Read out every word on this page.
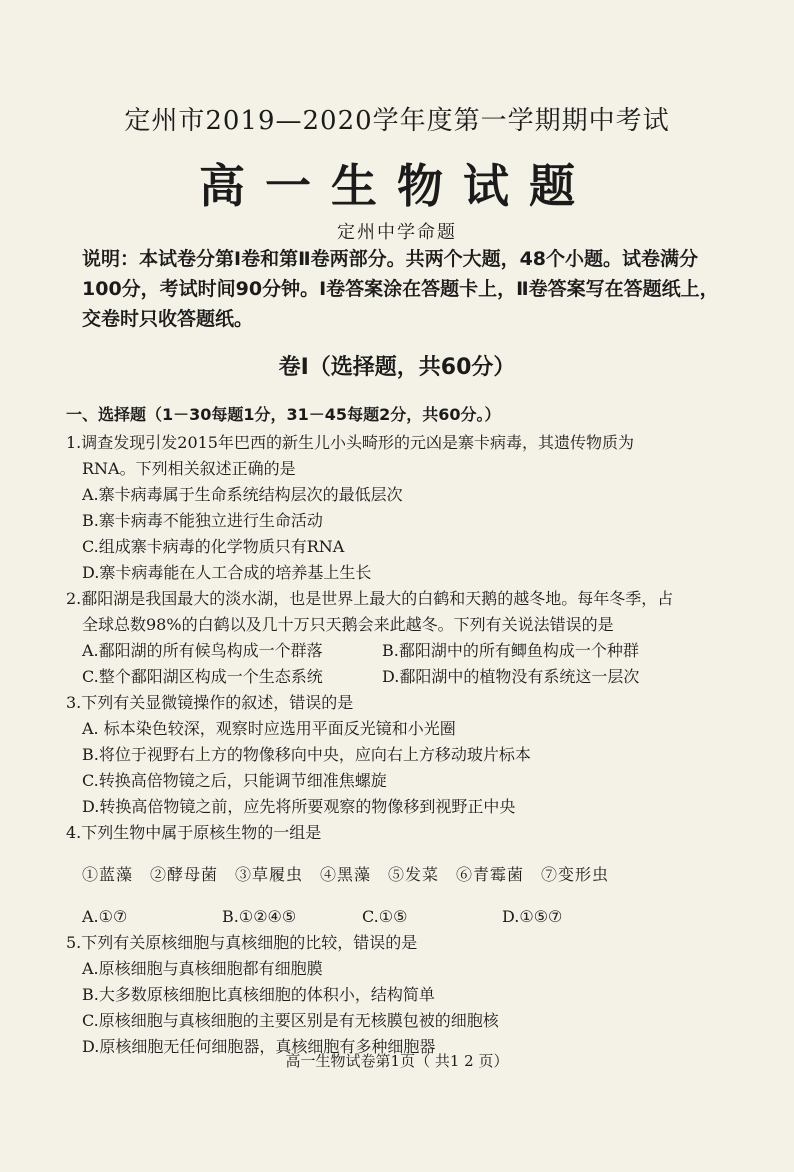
定州市2019—2020学年度第一学期期中考试
高一生物试题
定州中学命题
说明：本试卷分第Ⅰ卷和第Ⅱ卷两部分。共两个大题，48个小题。试卷满分100分，考试时间90分钟。Ⅰ卷答案涂在答题卡上，Ⅱ卷答案写在答题纸上，交卷时只收答题纸。
卷Ⅰ（选择题，共60分）
一、选择题（1－30每题1分，31－45每题2分，共60分。）

1.调查发现引发2015年巴西的新生儿小头畸形的元凶是寨卡病毒，其遗传物质为

RNA。下列相关叙述正确的是

A.寨卡病毒属于生命系统结构层次的最低层次

B.寨卡病毒不能独立进行生命活动

C.组成寨卡病毒的化学物质只有RNA

D.寨卡病毒能在人工合成的培养基上生长

2.鄱阳湖是我国最大的淡水湖，也是世界上最大的白鹤和天鹅的越冬地。每年冬季，占

全球总数98%的白鹤以及几十万只天鹅会来此越冬。下列有关说法错误的是

A.鄱阳湖的所有候鸟构成一个群落	B.鄱阳湖中的所有鲫鱼构成一个种群
C.整个鄱阳湖区构成一个生态系统	D.鄱阳湖中的植物没有系统这一层次

3.下列有关显微镜操作的叙述，错误的是

A. 标本染色较深，观察时应选用平面反光镜和小光圈

B.将位于视野右上方的物像移向中央，应向右上方移动玻片标本

C.转换高倍物镜之后，只能调节细准焦螺旋

D.转换高倍物镜之前，应先将所要观察的物像移到视野正中央

4.下列生物中属于原核生物的一组是

①蓝藻　②酵母菌　③草履虫　④黑藻　⑤发菜　⑥青霉菌　⑦变形虫

A.①⑦	B.①②④⑤	C.①⑤	D.①⑤⑦

5.下列有关原核细胞与真核细胞的比较，错误的是

A.原核细胞与真核细胞都有细胞膜

B.大多数原核细胞比真核细胞的体积小，结构简单

C.原核细胞与真核细胞的主要区别是有无核膜包被的细胞核

D.原核细胞无任何细胞器，真核细胞有多种细胞器

高一生物试卷第1页（ 共1 2 页）
